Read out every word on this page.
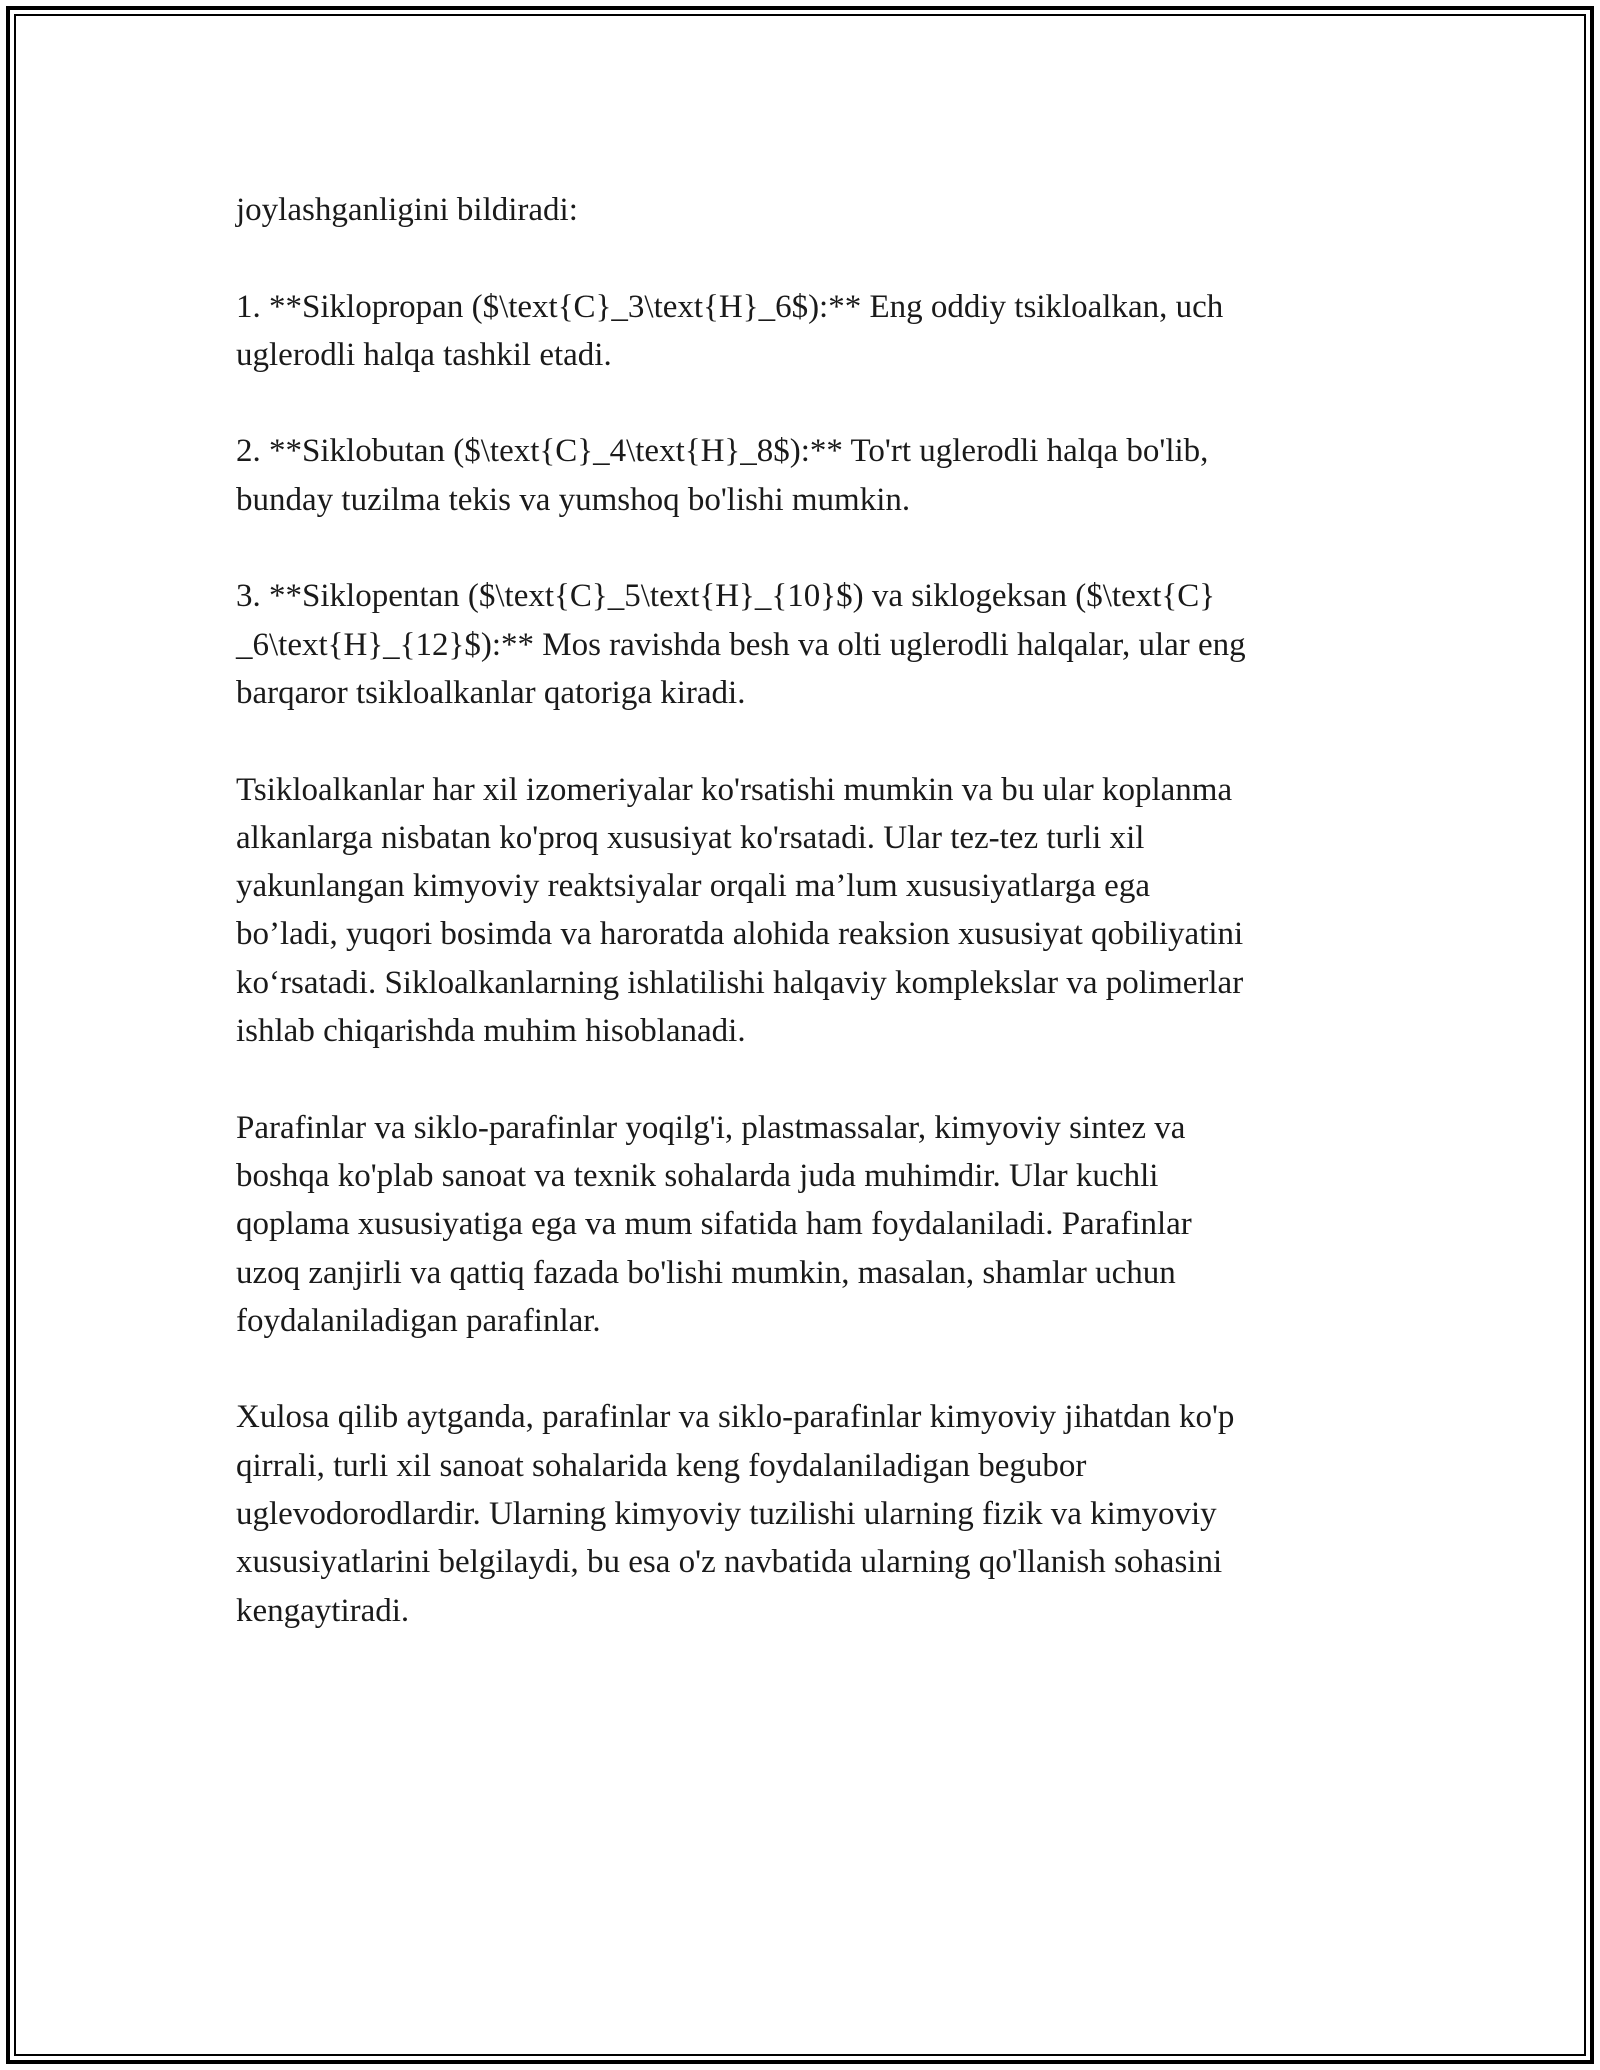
joylashganligini bildiradi:

1. **Siklopropan ($\text{C}_3\text{H}_6$):** Eng oddiy tsikloalkan, uch
uglerodli halqa tashkil etadi.

2. **Siklobutan ($\text{C}_4\text{H}_8$):** To'rt uglerodli halqa bo'lib,
bunday tuzilma tekis va yumshoq bo'lishi mumkin.

3. **Siklopentan ($\text{C}_5\text{H}_{10}$) va siklogeksan ($\text{C}
_6\text{H}_{12}$):** Mos ravishda besh va olti uglerodli halqalar, ular eng
barqaror tsikloalkanlar qatoriga kiradi.

Tsikloalkanlar har xil izomeriyalar ko'rsatishi mumkin va bu ular koplanma
alkanlarga nisbatan ko'proq xususiyat ko'rsatadi. Ular tez-tez turli xil
yakunlangan kimyoviy reaktsiyalar orqali ma’lum xususiyatlarga ega
bo’ladi, yuqori bosimda va haroratda alohida reaksion xususiyat qobiliyatini
ko‘rsatadi. Sikloalkanlarning ishlatilishi halqaviy komplekslar va polimerlar
ishlab chiqarishda muhim hisoblanadi.

Parafinlar va siklo-parafinlar yoqilg'i, plastmassalar, kimyoviy sintez va
boshqa ko'plab sanoat va texnik sohalarda juda muhimdir. Ular kuchli
qoplama xususiyatiga ega va mum sifatida ham foydalaniladi. Parafinlar
uzoq zanjirli va qattiq fazada bo'lishi mumkin, masalan, shamlar uchun
foydalaniladigan parafinlar.

Xulosa qilib aytganda, parafinlar va siklo-parafinlar kimyoviy jihatdan ko'p
qirrali, turli xil sanoat sohalarida keng foydalaniladigan begubor
uglevodorodlardir. Ularning kimyoviy tuzilishi ularning fizik va kimyoviy
xususiyatlarini belgilaydi, bu esa o'z navbatida ularning qo'llanish sohasini
kengaytiradi.
